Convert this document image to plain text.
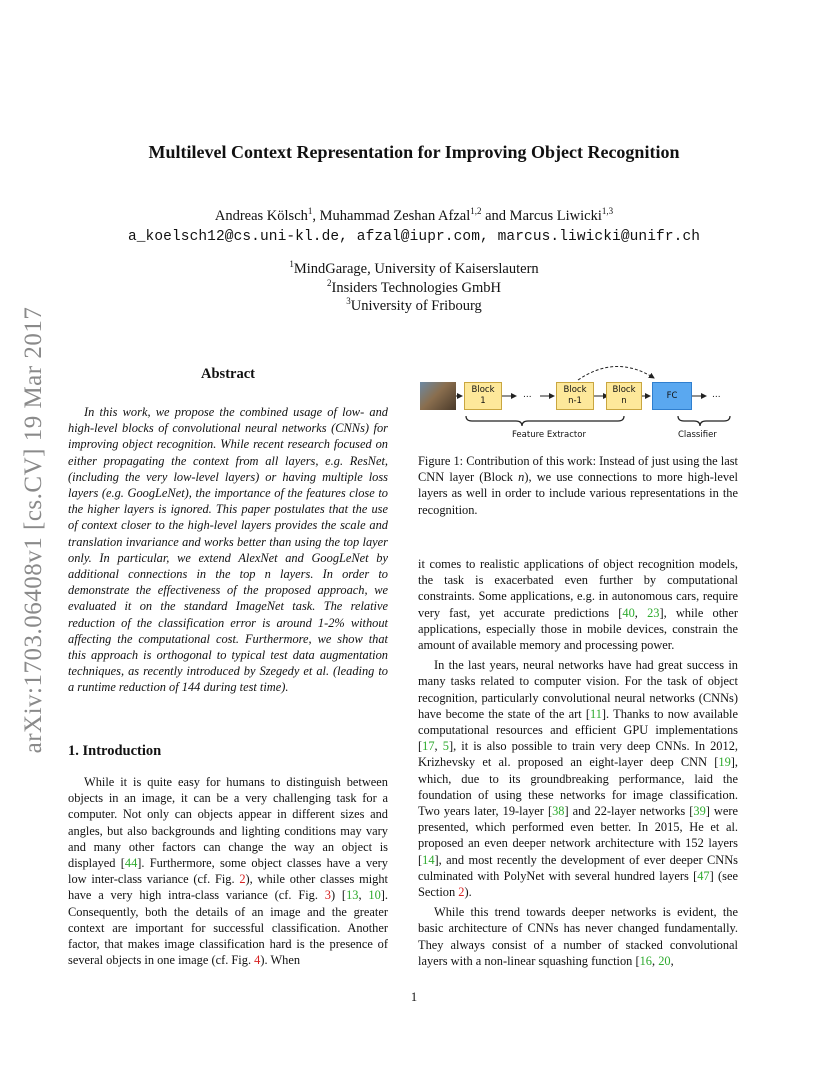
arXiv:1703.06408v1 [cs.CV] 19 Mar 2017
Multilevel Context Representation for Improving Object Recognition
Andreas Kölsch$^1$, Muhammad Zeshan Afzal$^{1,2}$ and Marcus Liwicki$^{1,3}$
a_koelsch12@cs.uni-kl.de, afzal@iupr.com, marcus.liwicki@unifr.ch
$^1$MindGarage, University of Kaiserslautern
$^2$Insiders Technologies GmbH
$^3$University of Fribourg
Abstract

In this work, we propose the combined usage of low- and high-level blocks of convolutional neural networks (CNNs) for improving object recognition. While recent research focused on either propagating the context from all layers, e.g. ResNet, (including the very low-level layers) or having multiple loss layers (e.g. GoogLeNet), the importance of the features close to the higher layers is ignored. This paper postulates that the use of context closer to the high-level layers provides the scale and translation invariance and works better than using the top layer only. In particular, we extend AlexNet and GoogLeNet by additional connections in the top n layers. In order to demonstrate the effectiveness of the proposed approach, we evaluated it on the standard ImageNet task. The relative reduction of the classification error is around 1-2% without affecting the computational cost. Furthermore, we show that this approach is orthogonal to typical test data augmentation techniques, as recently introduced by Szegedy et al. (leading to a runtime reduction of 144 during test time).

1. Introduction

While it is quite easy for humans to distinguish between objects in an image, it can be a very challenging task for a computer. Not only can objects appear in different sizes and angles, but also backgrounds and lighting conditions may vary and many other factors can change the way an object is displayed [44]. Furthermore, some object classes have a very low inter-class variance (cf. Fig. 2), while other classes might have a very high intra-class variance (cf. Fig. 3) [13, 10]. Consequently, both the details of an image and the greater context are important for successful classification. Another factor, that makes image classification hard is the presence of several objects in one image (cf. Fig. 4). When

Block
1
...	Block
n-1
Block
n	FC	...
Feature Extractor	Classifier

Figure 1: Contribution of this work: Instead of just using the last CNN layer (Block n), we use connections to more high-level layers as well in order to include various representations in the recognition.

it comes to realistic applications of object recognition models, the task is exacerbated even further by computational constraints. Some applications, e.g. in autonomous cars, require very fast, yet accurate predictions [40, 23], while other applications, especially those in mobile devices, constrain the amount of available memory and processing power.

In the last years, neural networks have had great success in many tasks related to computer vision. For the task of object recognition, particularly convolutional neural networks (CNNs) have become the state of the art [11]. Thanks to now available computational resources and efficient GPU implementations [17, 5], it is also possible to train very deep CNNs. In 2012, Krizhevsky et al. proposed an eight-layer deep CNN [19], which, due to its groundbreaking performance, laid the foundation of using these networks for image classification. Two years later, 19-layer [38] and 22-layer networks [39] were presented, which performed even better. In 2015, He et al. proposed an even deeper network architecture with 152 layers [14], and most recently the development of ever deeper CNNs culminated with PolyNet with several hundred layers [47] (see Section 2).

While this trend towards deeper networks is evident, the basic architecture of CNNs has never changed fundamentally. They always consist of a number of stacked convolutional layers with a non-linear squashing function [16, 20,

1
